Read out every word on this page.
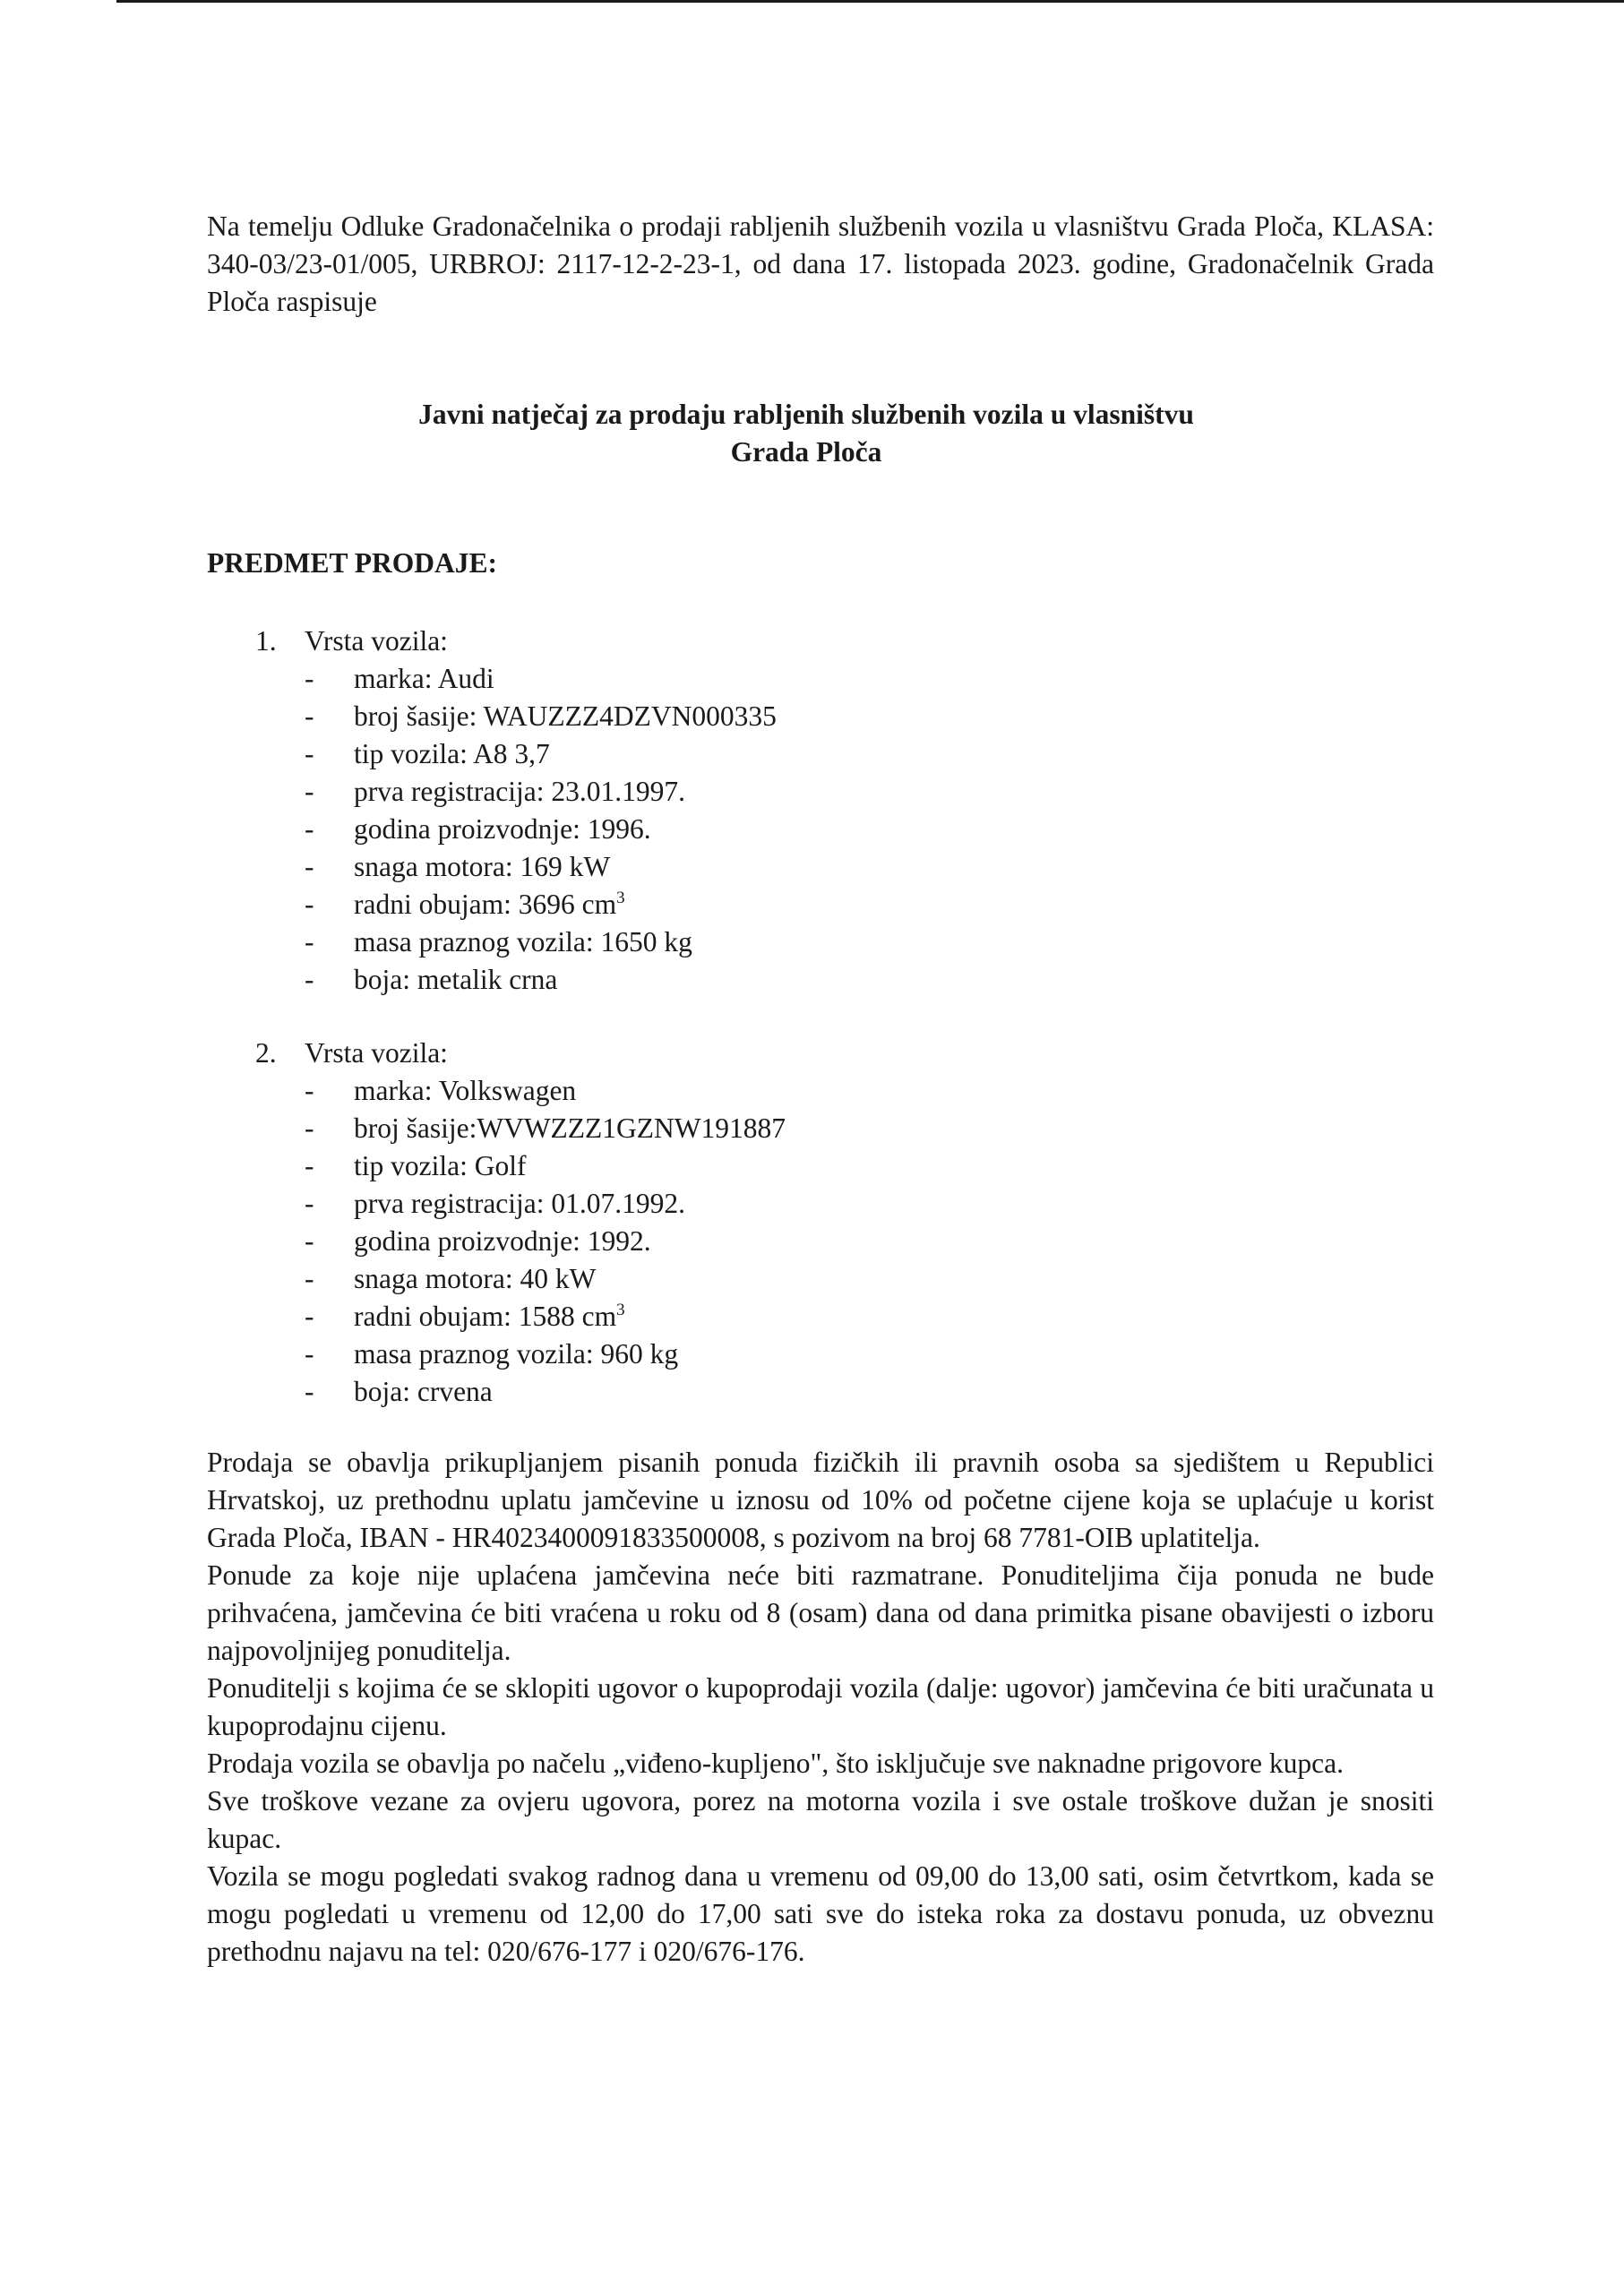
Na temelju Odluke Gradonačelnika o prodaji rabljenih službenih vozila u vlasništvu Grada Ploča, KLASA: 340-03/23-01/005, URBROJ: 2117-12-2-23-1, od dana 17. listopada 2023. godine, Gradonačelnik Grada Ploča raspisuje

Javni natječaj za prodaju rabljenih službenih vozila u vlasništvu
Grada Ploča
PREDMET PRODAJE:
1. Vrsta vozila:
-	marka: Audi
-	broj šasije: WAUZZZ4DZVN000335
-	tip vozila: A8 3,7
-	prva registracija: 23.01.1997.
-	godina proizvodnje: 1996.
-	snaga motora: 169 kW
-	radni obujam: 3696 $cm^3$
-	masa praznog vozila: 1650 kg
-	boja: metalik crna
2. Vrsta vozila:
-	marka: Volkswagen
-	broj šasije:WVWZZZ1GZNW191887
-	tip vozila: Golf
-	prva registracija: 01.07.1992.
-	godina proizvodnje: 1992.
-	snaga motora: 40 kW
-	radni obujam: 1588 $cm^3$
-	masa praznog vozila: 960 kg
-	boja: crvena

Prodaja se obavlja prikupljanjem pisanih ponuda fizičkih ili pravnih osoba sa sjedištem u Republici Hrvatskoj, uz prethodnu uplatu jamčevine u iznosu od 10% od početne cijene koja se uplaćuje u korist Grada Ploča, IBAN - HR4023400091833500008, s pozivom na broj 68 7781-OIB uplatitelja.

Ponude za koje nije uplaćena jamčevina neće biti razmatrane. Ponuditeljima čija ponuda ne bude prihvaćena, jamčevina će biti vraćena u roku od 8 (osam) dana od dana primitka pisane obavijesti o izboru najpovoljnijeg ponuditelja.

Ponuditelji s kojima će se sklopiti ugovor o kupoprodaji vozila (dalje: ugovor) jamčevina će biti uračunata u kupoprodajnu cijenu.

Prodaja vozila se obavlja po načelu „viđeno-kupljeno", što isključuje sve naknadne prigovore kupca.

Sve troškove vezane za ovjeru ugovora, porez na motorna vozila i sve ostale troškove dužan je snositi kupac.

Vozila se mogu pogledati svakog radnog dana u vremenu od 09,00 do 13,00 sati, osim četvrtkom, kada se mogu pogledati u vremenu od 12,00 do 17,00 sati sve do isteka roka za dostavu ponuda, uz obveznu prethodnu najavu na tel: 020/676-177 i 020/676-176.
